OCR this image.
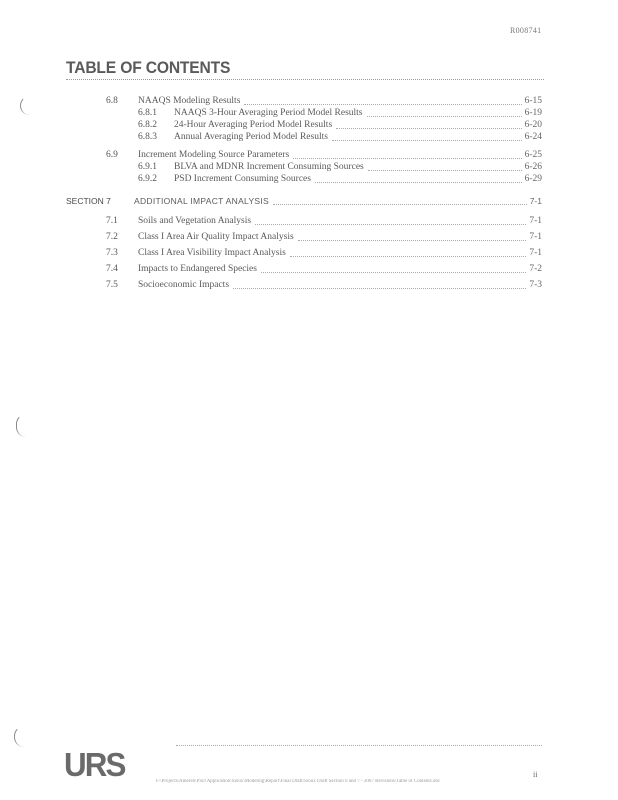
R008741
TABLE OF CONTENTS
6.8 NAAQS Modeling Results	6-15
6.8.1 NAAQS 3-Hour Averaging Period Model Results	6-19
6.8.2 24-Hour Averaging Period Model Results	6-20
6.8.3 Annual Averaging Period Model Results	6-24
6.9 Increment Modeling Source Parameters	6-25
6.9.1 BLVA and MDNR Increment Consuming Sources	6-26
6.9.2 PSD Increment Consuming Sources	6-29
SECTION 7	ADDITIONAL IMPACT ANALYSIS	7-1
7.1 Soils and Vegetation Analysis	7-1
7.2 Class I Area Air Quality Impact Analysis	7-1
7.3 Class I Area Visibility Impact Analysis	7-1
7.4 Impacts to Endangered Species	7-2
7.5 Socioeconomic Impacts	7-3
URS	F:\Projects\Ameren\PSD Application\Sioux\Modeling\Report\Final Draft\Sioux Draft Section 6 and 7 - 2007 Revisions\Table of Contents.doc
ii
